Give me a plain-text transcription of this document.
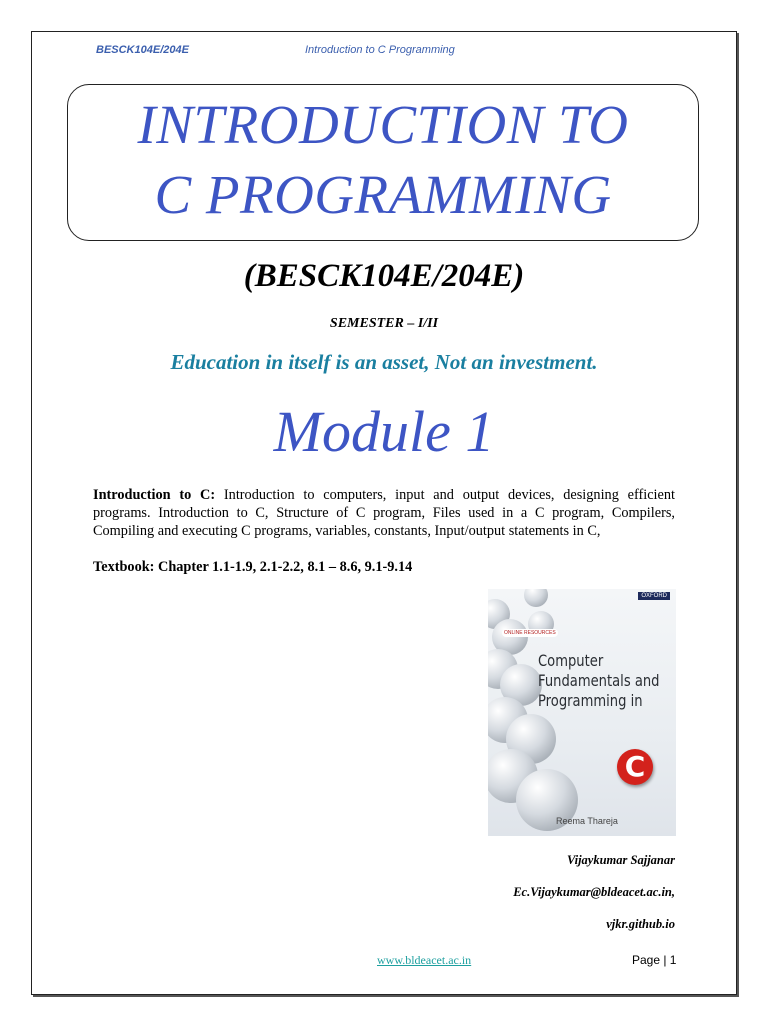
BESCK104E/204E	Introduction to C Programming
INTRODUCTION TO
C PROGRAMMING
(BESCK104E/204E)
SEMESTER – I/II
Education in itself is an asset, Not an investment.
Module 1
Introduction to C: Introduction to computers, input and output devices, designing efficient programs. Introduction to C, Structure of C program, Files used in a C program, Compilers, Compiling and executing C programs, variables, constants, Input/output statements in C,
Textbook: Chapter 1.1-1.9, 2.1-2.2, 8.1 – 8.6, 9.1-9.14
ONLINE RESOURCES
OXFORD
Computer
Fundamentals and
Programming in
C
Reema Thareja
Vijaykumar Sajjanar
Ec.Vijaykumar@bldeacet.ac.in,
vjkr.github.io
www.bldeacet.ac.in	Page | 1
